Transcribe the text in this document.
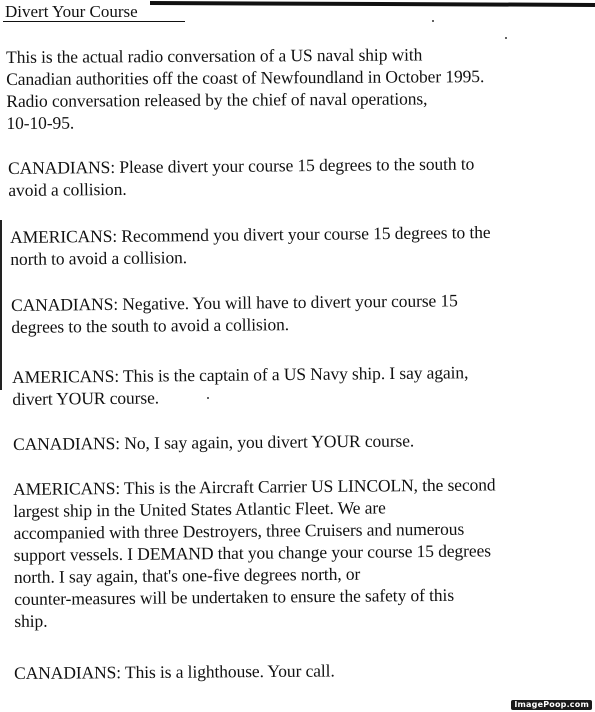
Divert Your Course

This is the actual radio conversation of a US naval ship with
Canadian authorities off the coast of Newfoundland in October 1995.
Radio conversation released by the chief of naval operations,
10-10-95.

CANADIANS: Please divert your course 15 degrees to the south to
avoid a collision.

AMERICANS: Recommend you divert your course 15 degrees to the
north to avoid a collision.

CANADIANS: Negative. You will have to divert your course 15
degrees to the south to avoid a collision.

AMERICANS: This is the captain of a US Navy ship. I say again,
divert YOUR course.

CANADIANS: No, I say again, you divert YOUR course.

AMERICANS: This is the Aircraft Carrier US LINCOLN, the second
largest ship in the United States Atlantic Fleet. We are
accompanied with three Destroyers, three Cruisers and numerous
support vessels. I DEMAND that you change your course 15 degrees
north. I say again, that's one-five degrees north, or
counter-measures will be undertaken to ensure the safety of this
ship.

CANADIANS: This is a lighthouse. Your call.

ImagePoop.com
